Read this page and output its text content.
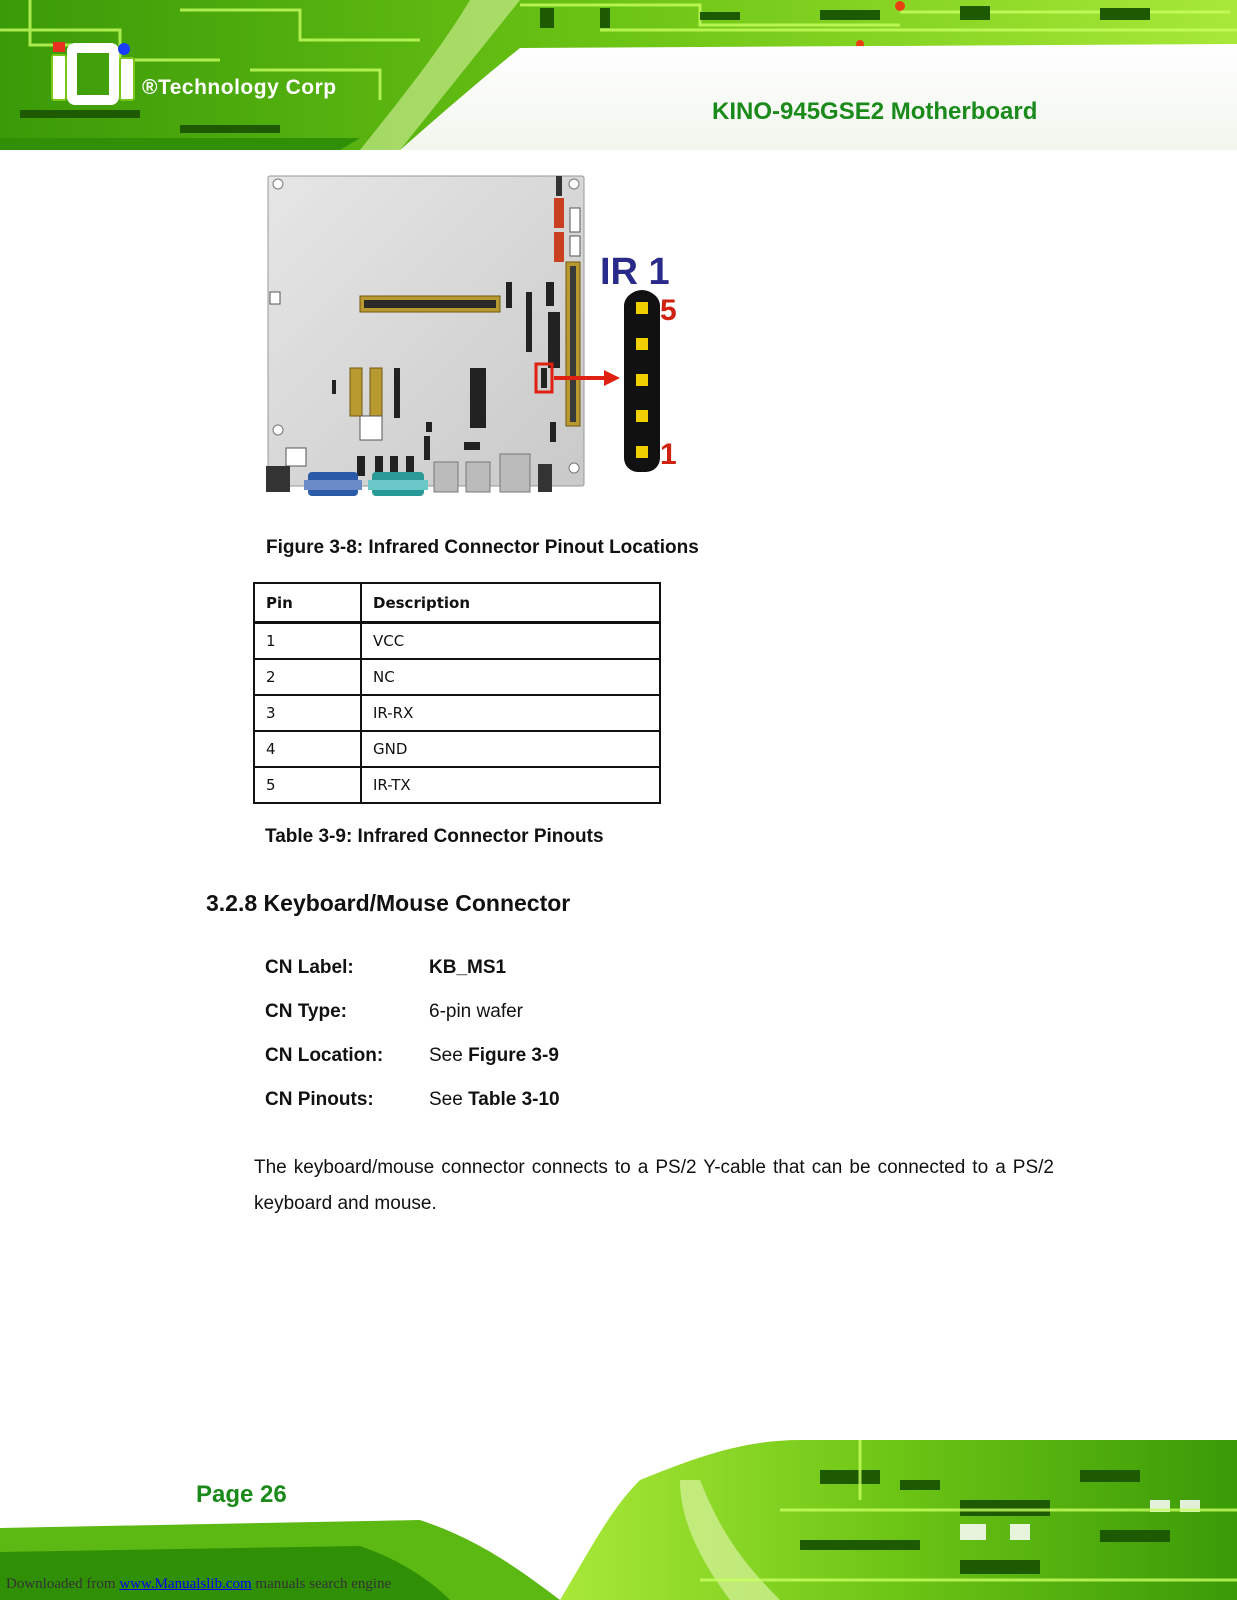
®Technology Corp
KINO-945GSE2 Motherboard
IR 1
5
1
Figure 3-8: Infrared Connector Pinout Locations
Pin	Description
1	VCC
2	NC
3	IR-RX
4	GND
5	IR-TX
Table 3-9: Infrared Connector Pinouts
3.2.8 Keyboard/Mouse Connector
CN Label:	KB_MS1
CN Type:	6-pin wafer
CN Location: See Figure 3-9
CN Pinouts:	See Table 3-10
The keyboard/mouse connector connects to a PS/2 Y-cable that can be connected to a PS/2 keyboard and mouse.
Page 26
Downloaded from www.Manualslib.com manuals search engine
